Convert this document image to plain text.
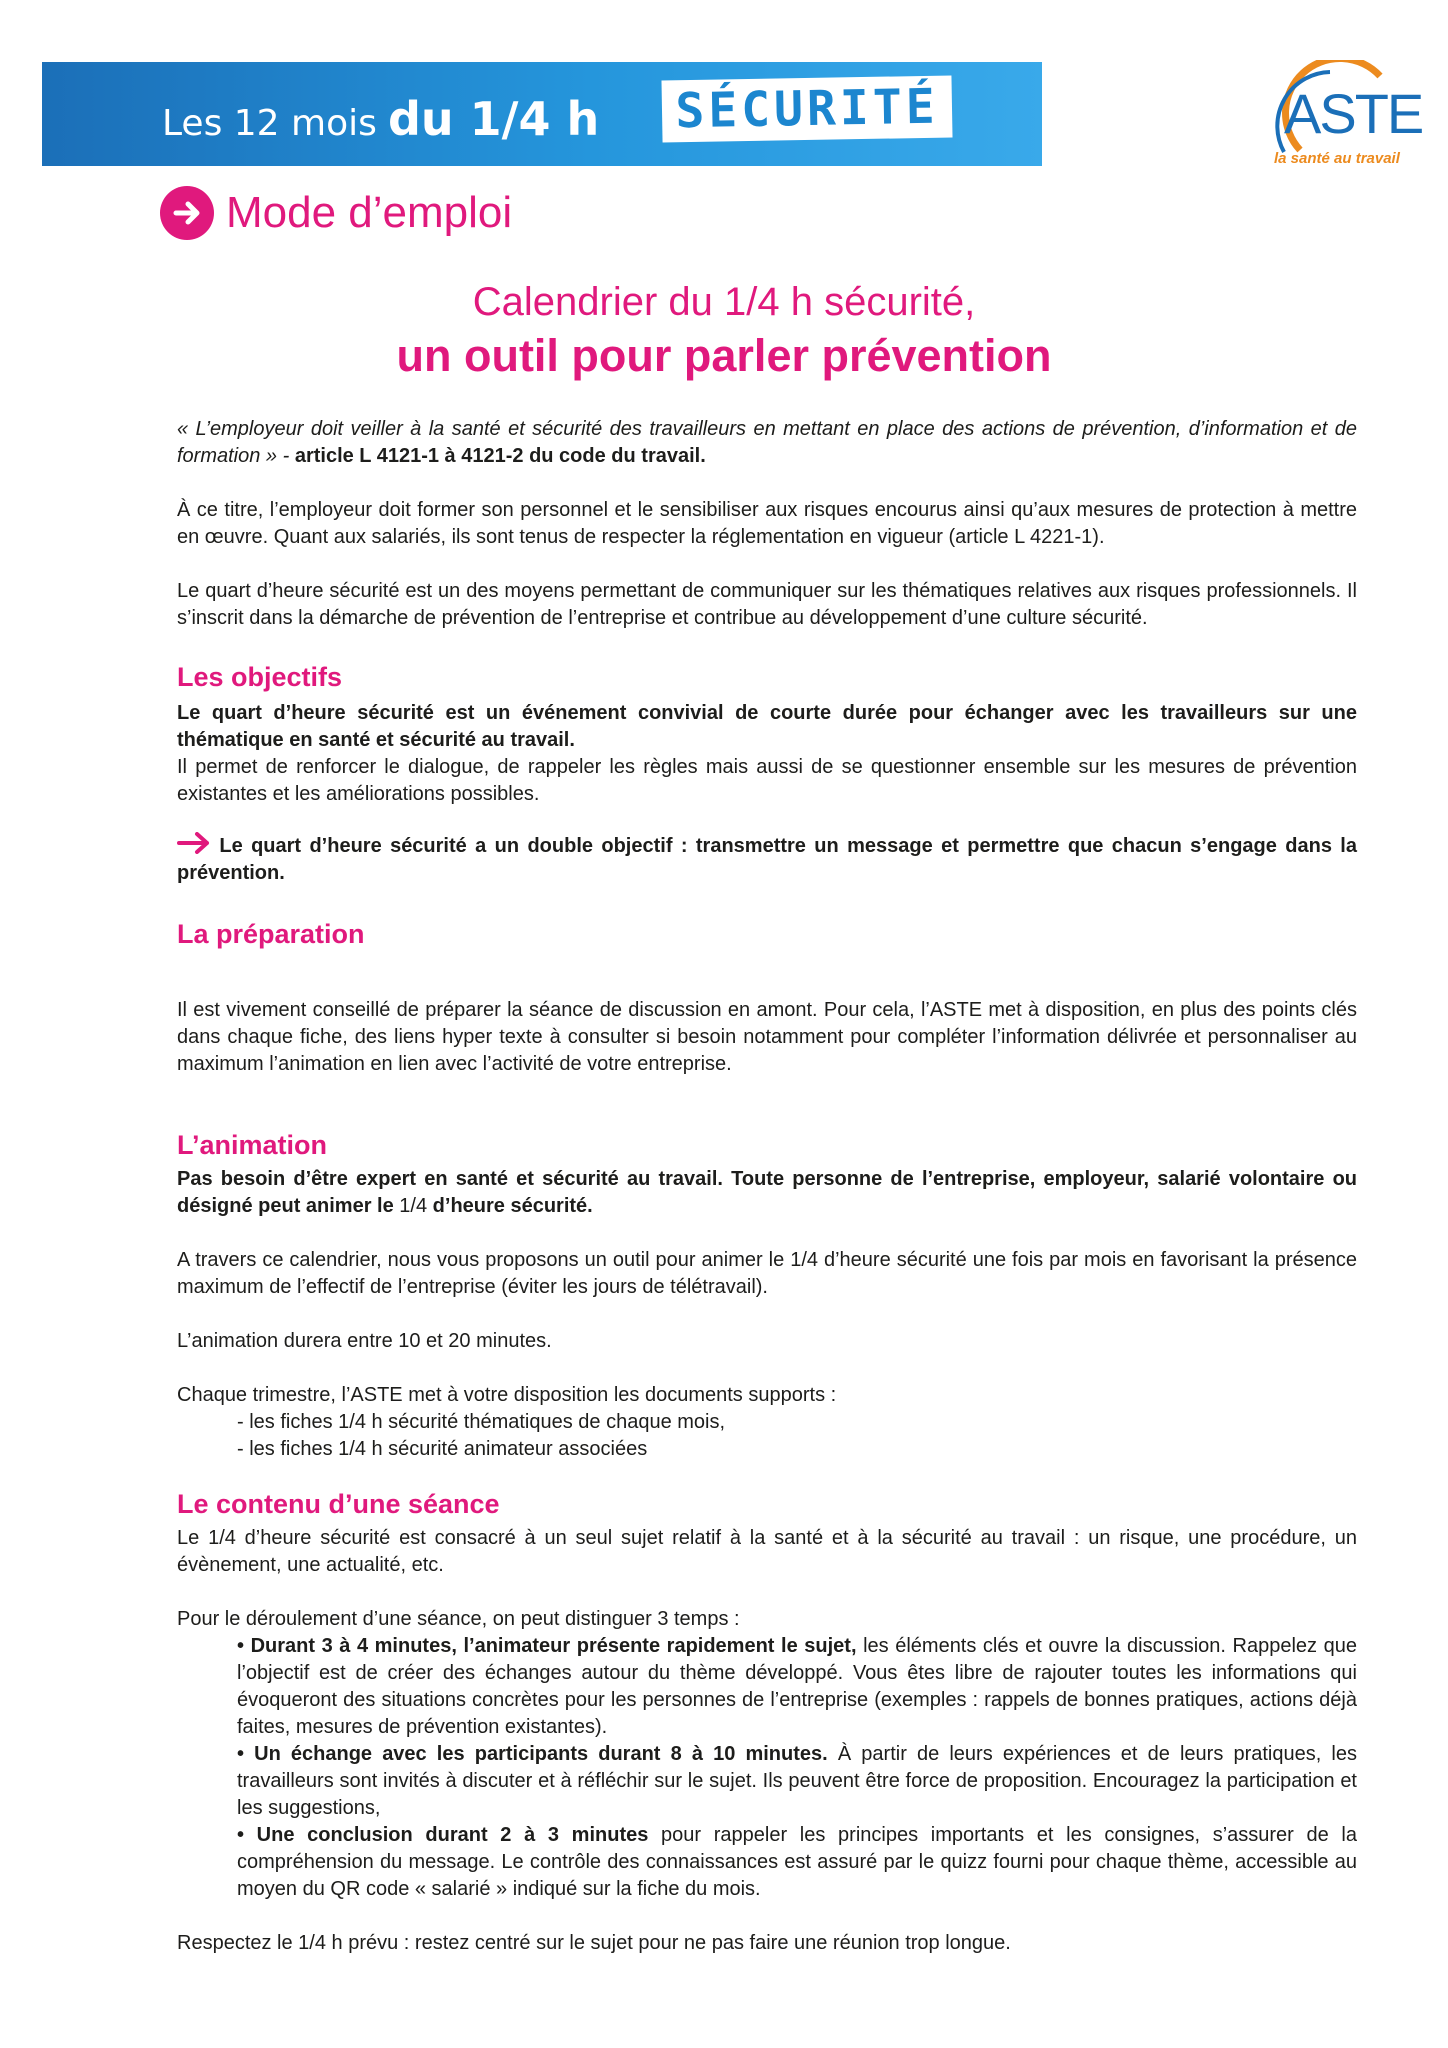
Les 12 mois du 1/4 h SÉCURITÉ	ASTE
la santé au travail
Mode d’emploi
Calendrier du 1/4 h sécurité,
un outil pour parler prévention

« L’employeur doit veiller à la santé et sécurité des travailleurs en mettant en place des actions de prévention, d’information et de formation » - article L 4121-1 à 4121-2 du code du travail.

À ce titre, l’employeur doit former son personnel et le sensibiliser aux risques encourus ainsi qu’aux mesures de protection à mettre en œuvre. Quant aux salariés, ils sont tenus de respecter la réglementation en vigueur (article L 4221-1).

Le quart d’heure sécurité est un des moyens permettant de communiquer sur les thématiques relatives aux risques professionnels. Il s’inscrit dans la démarche de prévention de l’entreprise et contribue au développement d’une culture sécurité.

Les objectifs

Le quart d’heure sécurité est un événement convivial de courte durée pour échanger avec les travailleurs sur une thématique en santé et sécurité au travail.

Il permet de renforcer le dialogue, de rappeler les règles mais aussi de se questionner ensemble sur les mesures de prévention existantes et les améliorations possibles.

Le quart d’heure sécurité a un double objectif : transmettre un message et permettre que chacun s’engage dans la prévention.

La préparation

Il est vivement conseillé de préparer la séance de discussion en amont. Pour cela, l’ASTE met à disposition, en plus des points clés dans chaque fiche, des liens hyper texte à consulter si besoin notamment pour compléter l’information délivrée et personnaliser au maximum l’animation en lien avec l’activité de votre entreprise.

L’animation

Pas besoin d’être expert en santé et sécurité au travail. Toute personne de l’entreprise, employeur, salarié volontaire ou désigné peut animer le 1/4 d’heure sécurité.

A travers ce calendrier, nous vous proposons un outil pour animer le 1/4 d’heure sécurité une fois par mois en favorisant la présence maximum de l’effectif de l’entreprise (éviter les jours de télétravail).

L’animation durera entre 10 et 20 minutes.

Chaque trimestre, l’ASTE met à votre disposition les documents supports :

- les fiches 1/4 h sécurité thématiques de chaque mois,

- les fiches 1/4 h sécurité animateur associées

Le contenu d’une séance

Le 1/4 d’heure sécurité est consacré à un seul sujet relatif à la santé et à la sécurité au travail : un risque, une procédure, un évènement, une actualité, etc.

Pour le déroulement d’une séance, on peut distinguer 3 temps :

• Durant 3 à 4 minutes, l’animateur présente rapidement le sujet, les éléments clés et ouvre la discussion. Rappelez que l’objectif est de créer des échanges autour du thème développé. Vous êtes libre de rajouter toutes les informations qui évoqueront des situations concrètes pour les personnes de l’entreprise (exemples : rappels de bonnes pratiques, actions déjà faites, mesures de prévention existantes).

• Un échange avec les participants durant 8 à 10 minutes. À partir de leurs expériences et de leurs pratiques, les travailleurs sont invités à discuter et à réfléchir sur le sujet. Ils peuvent être force de proposition. Encouragez la participation et les suggestions,

• Une conclusion durant 2 à 3 minutes pour rappeler les principes importants et les consignes, s’assurer de la compréhension du message. Le contrôle des connaissances est assuré par le quizz fourni pour chaque thème, accessible au moyen du QR code « salarié » indiqué sur la fiche du mois.

Respectez le 1/4 h prévu : restez centré sur le sujet pour ne pas faire une réunion trop longue.
